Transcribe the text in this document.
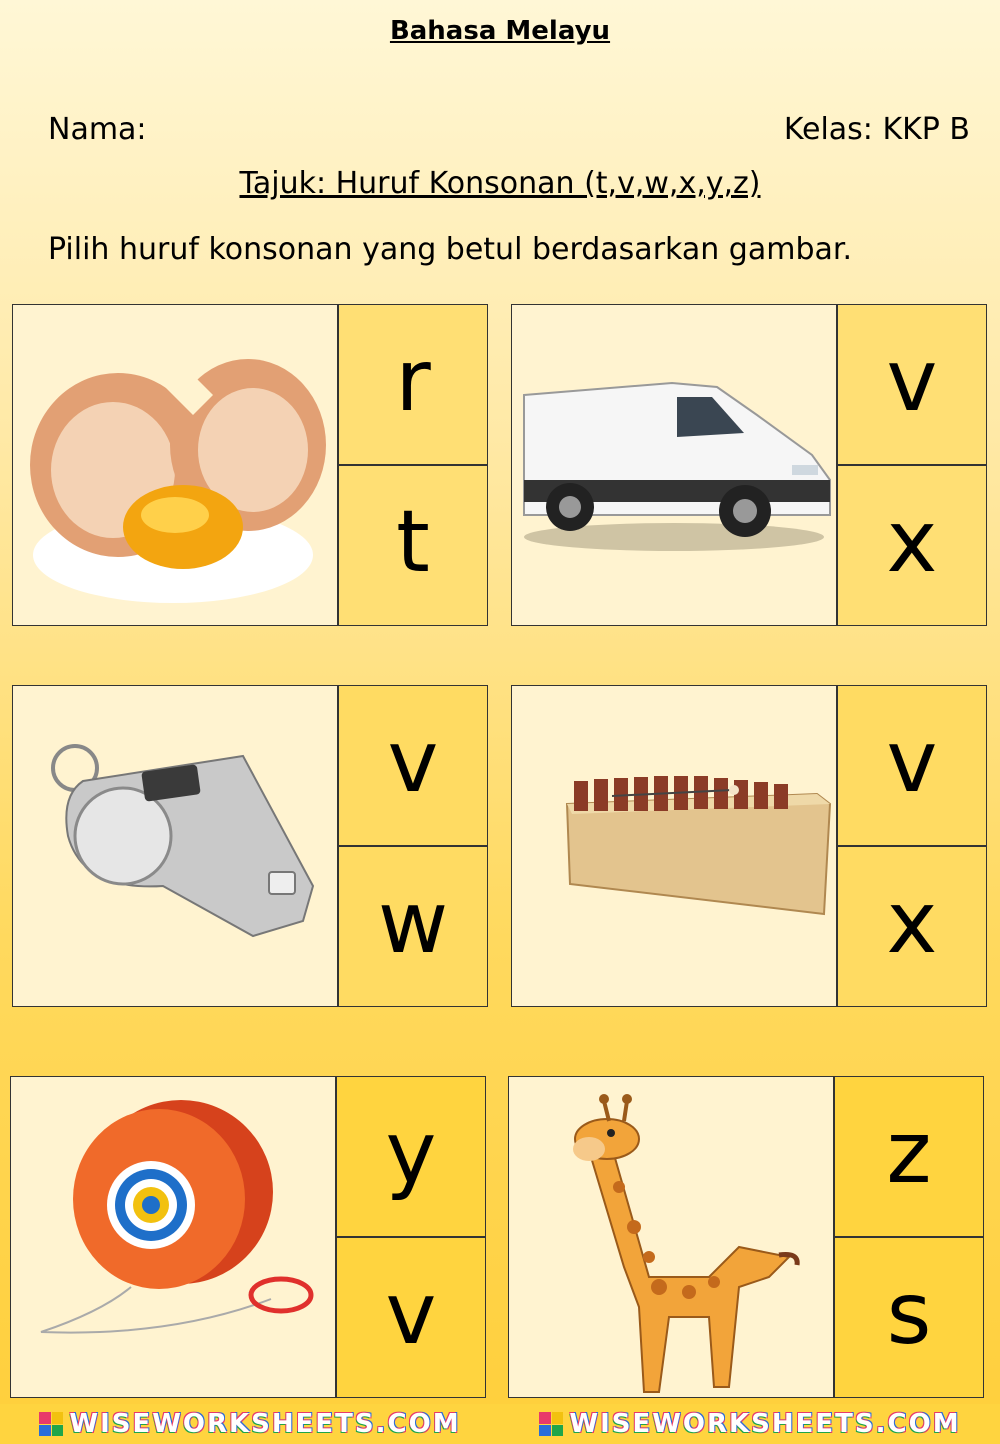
Bahasa Melayu
Nama:	Kelas: KKP B
Tajuk: Huruf Konsonan (t,v,w,x,y,z)
Pilih huruf konsonan yang betul berdasarkan gambar.
r
t
v
x
v
w
v
x
y
v
z
s
WISEWORKSHEETS.COM	WISEWORKSHEETS.COM
